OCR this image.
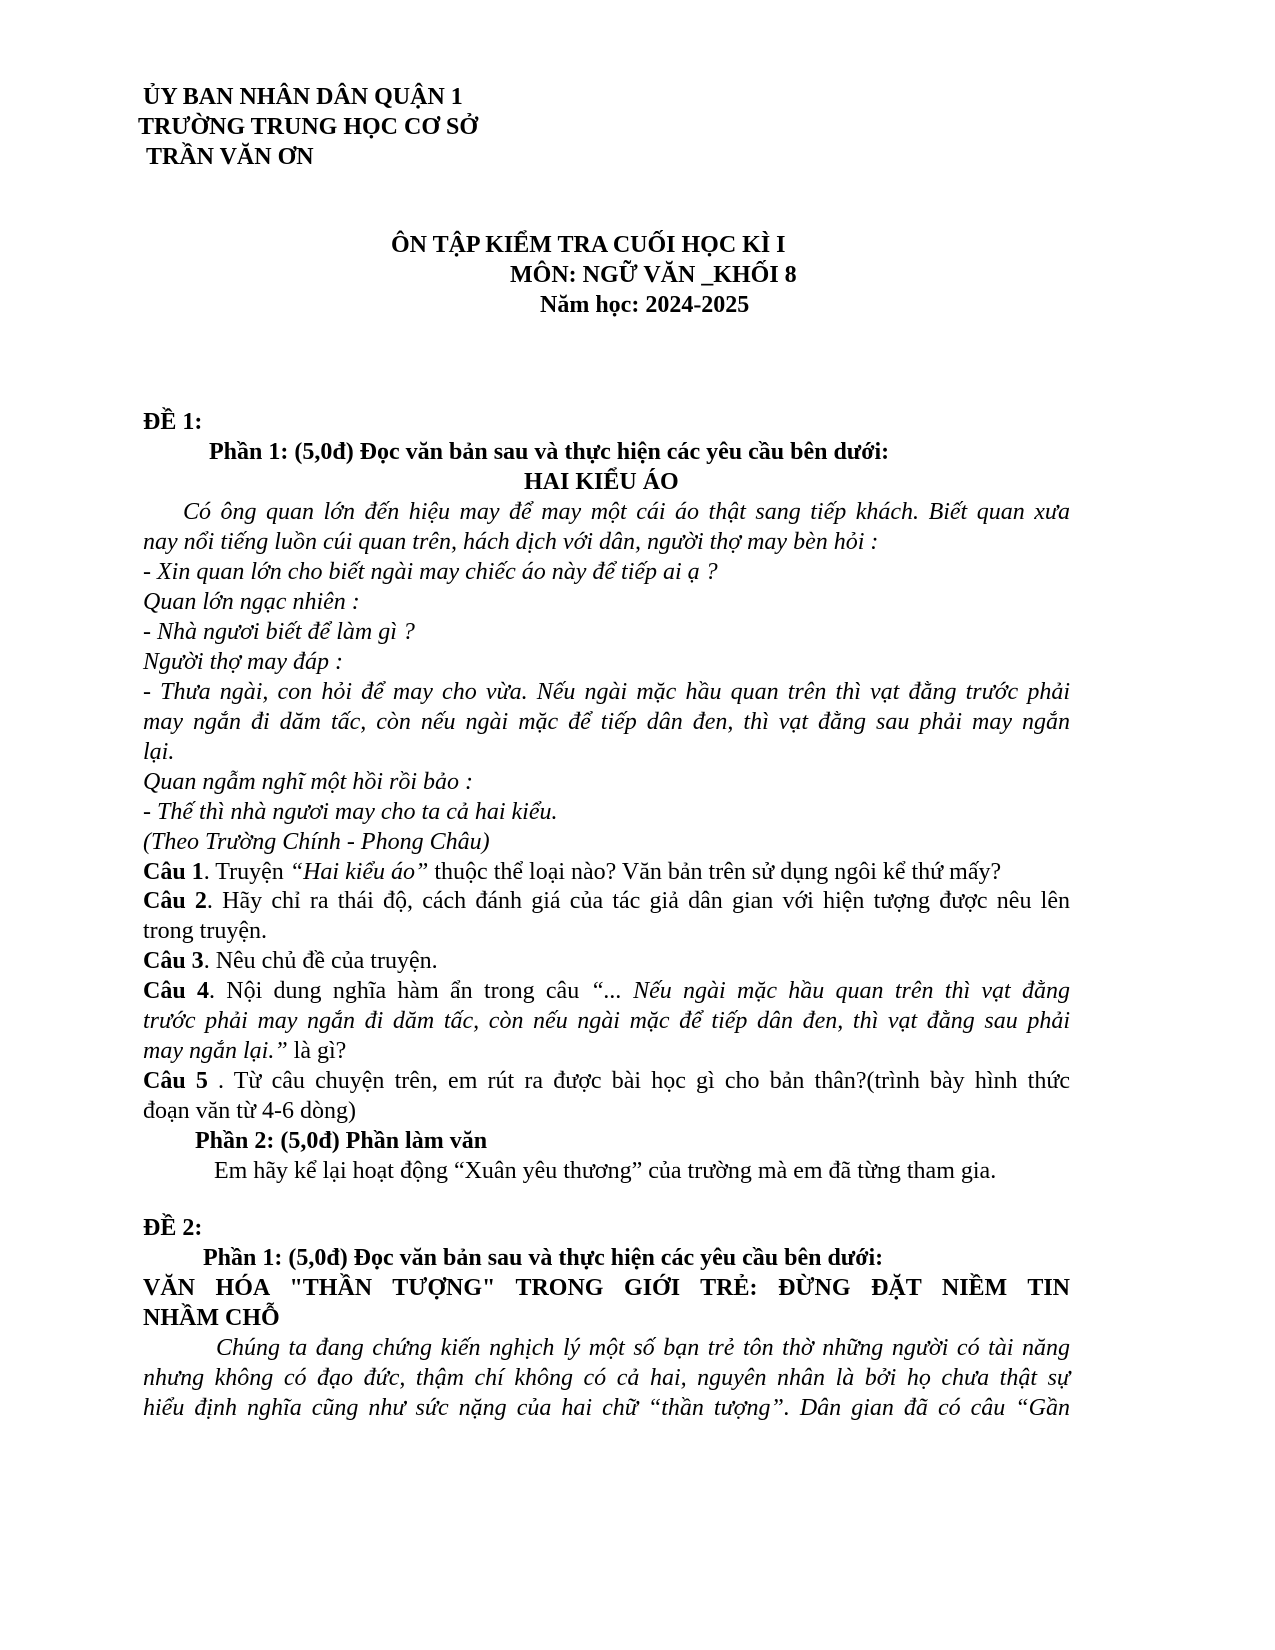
ỦY BAN NHÂN DÂN QUẬN 1
TRƯỜNG TRUNG HỌC CƠ SỞ
TRẦN VĂN ƠN
ÔN TẬP KIỂM TRA CUỐI HỌC KÌ I
MÔN: NGỮ VĂN _KHỐI 8
Năm học: 2024-2025
ĐỀ 1:
Phần 1: (5,0đ) Đọc văn bản sau và thực hiện các yêu cầu bên dưới:
HAI KIỂU ÁO
Có ông quan lớn đến hiệu may để may một cái áo thật sang tiếp khách. Biết quan xưa
nay nổi tiếng luồn cúi quan trên, hách dịch với dân, người thợ may bèn hỏi :
- Xin quan lớn cho biết ngài may chiếc áo này để tiếp ai ạ ?
Quan lớn ngạc nhiên :
- Nhà ngươi biết để làm gì ?
Người thợ may đáp :
- Thưa ngài, con hỏi để may cho vừa. Nếu ngài mặc hầu quan trên thì vạt đằng trước phải
may ngắn đi dăm tấc, còn nếu ngài mặc để tiếp dân đen, thì vạt đằng sau phải may ngắn
lại.
Quan ngẫm nghĩ một hồi rồi bảo :
- Thế thì nhà ngươi may cho ta cả hai kiểu.
(Theo Trường Chính - Phong Châu)
Câu 1. Truyện “Hai kiểu áo” thuộc thể loại nào? Văn bản trên sử dụng ngôi kể thứ mấy?
Câu 2. Hãy chỉ ra thái độ, cách đánh giá của tác giả dân gian với hiện tượng được nêu lên
trong truyện.
Câu 3. Nêu chủ đề của truyện.
Câu 4. Nội dung nghĩa hàm ẩn trong câu “... Nếu ngài mặc hầu quan trên thì vạt đằng
trước phải may ngắn đi dăm tấc, còn nếu ngài mặc để tiếp dân đen, thì vạt đằng sau phải
may ngắn lại.” là gì?
Câu 5 . Từ câu chuyện trên, em rút ra được bài học gì cho bản thân?(trình bày hình thức
đoạn văn từ 4-6 dòng)
Phần 2: (5,0đ) Phần làm văn
Em hãy kể lại hoạt động “Xuân yêu thương” của trường mà em đã từng tham gia.
ĐỀ 2:
Phần 1: (5,0đ) Đọc văn bản sau và thực hiện các yêu cầu bên dưới:
VĂN HÓA "THẦN TƯỢNG" TRONG GIỚI TRẺ: ĐỪNG ĐẶT NIỀM TIN
NHẦM CHỖ
Chúng ta đang chứng kiến nghịch lý một số bạn trẻ tôn thờ những người có tài năng
nhưng không có đạo đức, thậm chí không có cả hai, nguyên nhân là bởi họ chưa thật sự
hiểu định nghĩa cũng như sức nặng của hai chữ “thần tượng”. Dân gian đã có câu “Gần
